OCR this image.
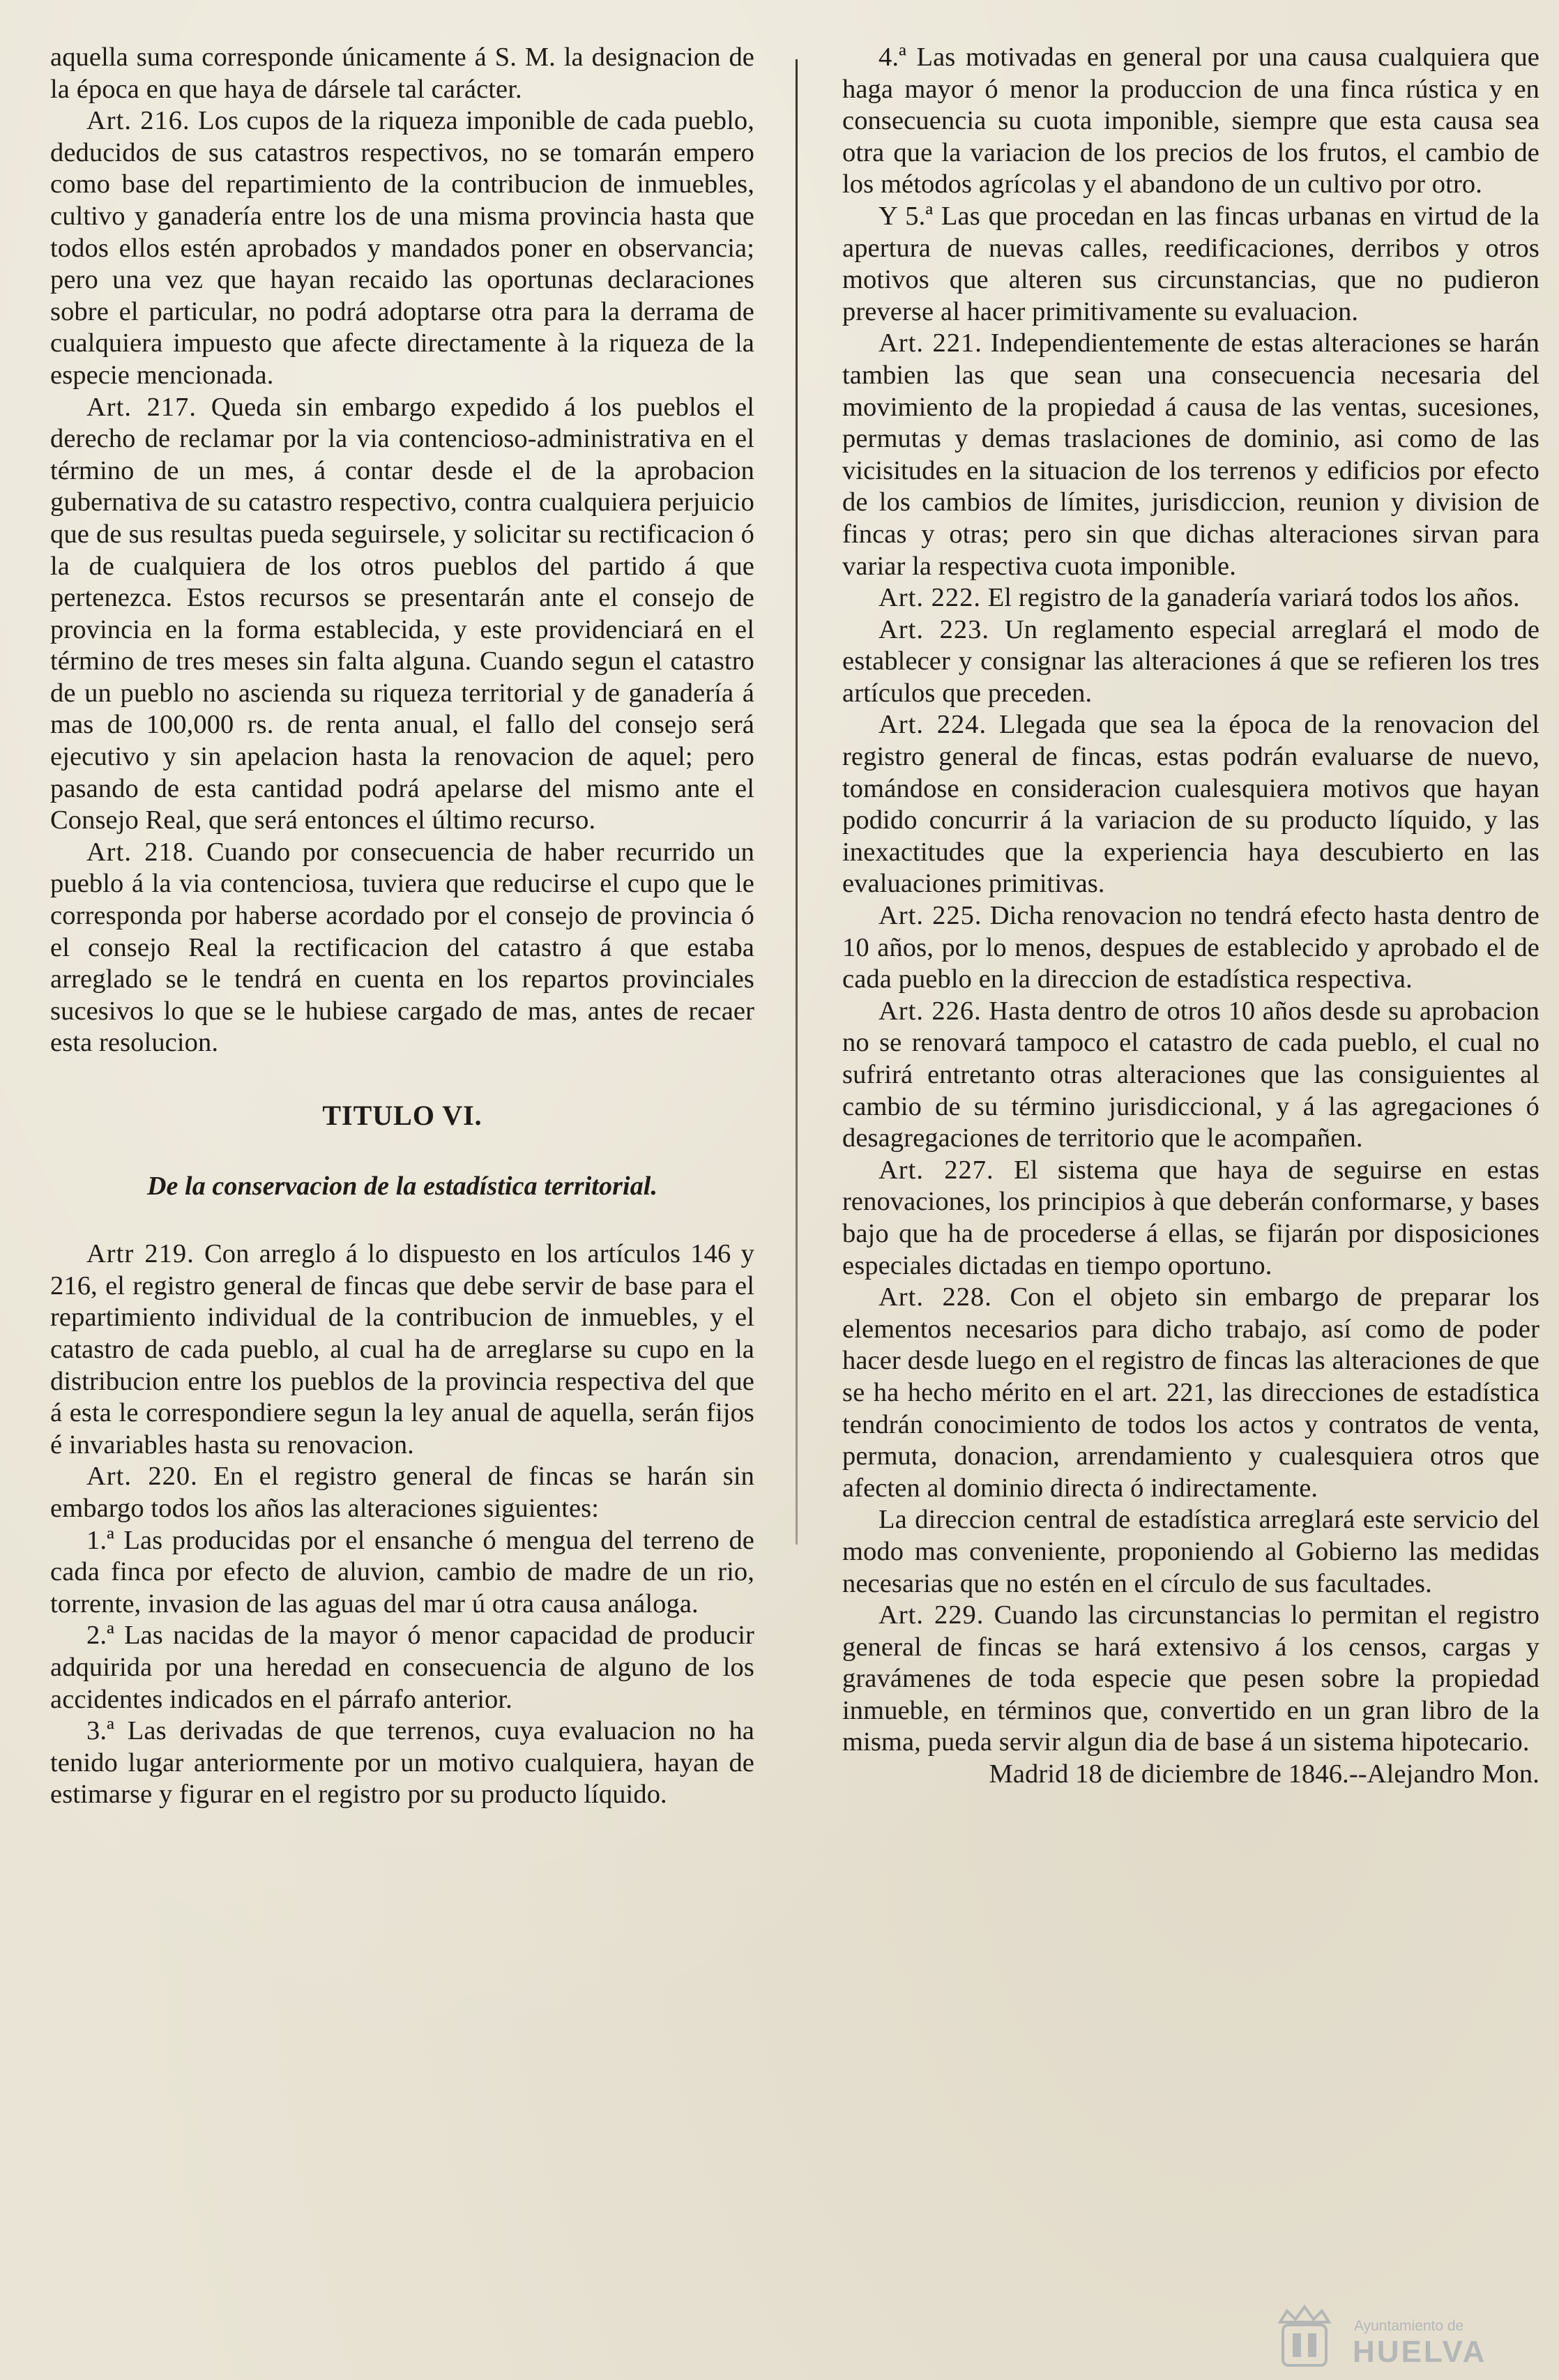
aquella suma corresponde únicamente á S. M. la designacion de la época en que haya de dársele tal carácter.

Art. 216. Los cupos de la riqueza imponible de cada pueblo, deducidos de sus catastros respectivos, no se tomarán empero como base del repartimiento de la contribucion de inmuebles, cultivo y ganadería entre los de una misma provincia hasta que todos ellos estén aprobados y mandados poner en observancia; pero una vez que hayan recaido las oportunas declaraciones sobre el particular, no podrá adoptarse otra para la derrama de cualquiera impuesto que afecte directamente à la riqueza de la especie mencionada.

Art. 217. Queda sin embargo expedido á los pueblos el derecho de reclamar por la via contencioso-administrativa en el término de un mes, á contar desde el de la aprobacion gubernativa de su catastro respectivo, contra cualquiera perjuicio que de sus resultas pueda seguirsele, y solicitar su rectificacion ó la de cualquiera de los otros pueblos del partido á que pertenezca. Estos recursos se presentarán ante el consejo de provincia en la forma establecida, y este providenciará en el término de tres meses sin falta alguna. Cuando segun el catastro de un pueblo no ascienda su riqueza territorial y de ganadería á mas de 100,000 rs. de renta anual, el fallo del consejo será ejecutivo y sin apelacion hasta la renovacion de aquel; pero pasando de esta cantidad podrá apelarse del mismo ante el Consejo Real, que será entonces el último recurso.

Art. 218. Cuando por consecuencia de haber recurrido un pueblo á la via contenciosa, tuviera que reducirse el cupo que le corresponda por haberse acordado por el consejo de provincia ó el consejo Real la rectificacion del catastro á que estaba arreglado se le tendrá en cuenta en los repartos provinciales sucesivos lo que se le hubiese cargado de mas, antes de recaer esta resolucion.

TITULO VI.

De la conservacion de la estadística territorial.

Artr 219. Con arreglo á lo dispuesto en los artículos 146 y 216, el registro general de fincas que debe servir de base para el repartimiento individual de la contribucion de inmuebles, y el catastro de cada pueblo, al cual ha de arreglarse su cupo en la distribucion entre los pueblos de la provincia respectiva del que á esta le correspondiere segun la ley anual de aquella, serán fijos é invariables hasta su renovacion.

Art. 220. En el registro general de fincas se harán sin embargo todos los años las alteraciones siguientes:

1.ª Las producidas por el ensanche ó mengua del terreno de cada finca por efecto de aluvion, cambio de madre de un rio, torrente, invasion de las aguas del mar ú otra causa análoga.

2.ª Las nacidas de la mayor ó menor capacidad de producir adquirida por una heredad en consecuencia de alguno de los accidentes indicados en el párrafo anterior.

3.ª Las derivadas de que terrenos, cuya evaluacion no ha tenido lugar anteriormente por un motivo cualquiera, hayan de estimarse y figurar en el registro por su producto líquido.

4.ª Las motivadas en general por una causa cualquiera que haga mayor ó menor la produccion de una finca rústica y en consecuencia su cuota imponible, siempre que esta causa sea otra que la variacion de los precios de los frutos, el cambio de los métodos agrícolas y el abandono de un cultivo por otro.

Y 5.ª Las que procedan en las fincas urbanas en virtud de la apertura de nuevas calles, reedificaciones, derribos y otros motivos que alteren sus circunstancias, que no pudieron preverse al hacer primitivamente su evaluacion.

Art. 221. Independientemente de estas alteraciones se harán tambien las que sean una consecuencia necesaria del movimiento de la propiedad á causa de las ventas, sucesiones, permutas y demas traslaciones de dominio, asi como de las vicisitudes en la situacion de los terrenos y edificios por efecto de los cambios de límites, jurisdiccion, reunion y division de fincas y otras; pero sin que dichas alteraciones sirvan para variar la respectiva cuota imponible.

Art. 222. El registro de la ganadería variará todos los años.

Art. 223. Un reglamento especial arreglará el modo de establecer y consignar las alteraciones á que se refieren los tres artículos que preceden.

Art. 224. Llegada que sea la época de la renovacion del registro general de fincas, estas podrán evaluarse de nuevo, tomándose en consideracion cualesquiera motivos que hayan podido concurrir á la variacion de su producto líquido, y las inexactitudes que la experiencia haya descubierto en las evaluaciones primitivas.

Art. 225. Dicha renovacion no tendrá efecto hasta dentro de 10 años, por lo menos, despues de establecido y aprobado el de cada pueblo en la direccion de estadística respectiva.

Art. 226. Hasta dentro de otros 10 años desde su aprobacion no se renovará tampoco el catastro de cada pueblo, el cual no sufrirá entretanto otras alteraciones que las consiguientes al cambio de su término jurisdiccional, y á las agregaciones ó desagregaciones de territorio que le acompañen.

Art. 227. El sistema que haya de seguirse en estas renovaciones, los principios à que deberán conformarse, y bases bajo que ha de procederse á ellas, se fijarán por disposiciones especiales dictadas en tiempo oportuno.

Art. 228. Con el objeto sin embargo de preparar los elementos necesarios para dicho trabajo, así como de poder hacer desde luego en el registro de fincas las alteraciones de que se ha hecho mérito en el art. 221, las direcciones de estadística tendrán conocimiento de todos los actos y contratos de venta, permuta, donacion, arrendamiento y cualesquiera otros que afecten al dominio directa ó indirectamente.

La direccion central de estadística arreglará este servicio del modo mas conveniente, proponiendo al Gobierno las medidas necesarias que no estén en el círculo de sus facultades.

Art. 229. Cuando las circunstancias lo permitan el registro general de fincas se hará extensivo á los censos, cargas y gravámenes de toda especie que pesen sobre la propiedad inmueble, en términos que, convertido en un gran libro de la misma, pueda servir algun dia de base á un sistema hipotecario.

Madrid 18 de diciembre de 1846.--Alejandro Mon.

Ayuntamiento de
HUELVA
